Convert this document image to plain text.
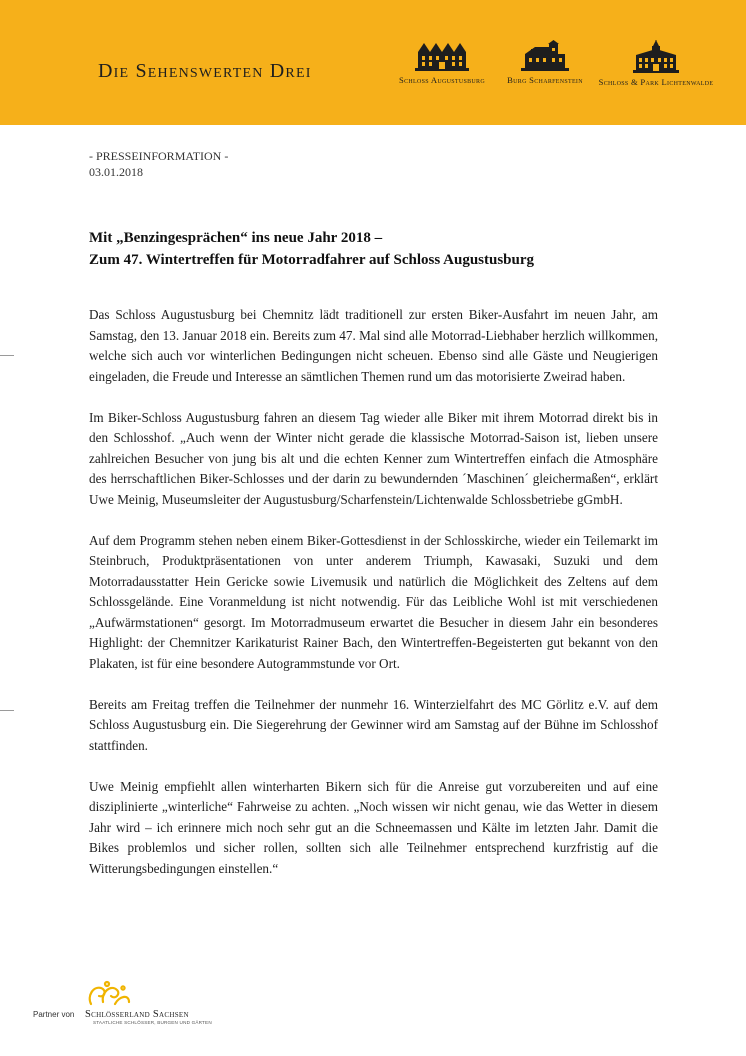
Die Sehenswerten Drei	Schloss Augustusburg	Burg Scharfenstein	Schloss & Park Lichtenwalde
- PRESSEINFORMATION -
03.01.2018
Mit „Benzingesprächen“ ins neue Jahr 2018 –
Zum 47. Wintertreffen für Motorradfahrer auf Schloss Augustusburg

Das Schloss Augustusburg bei Chemnitz lädt traditionell zur ersten Biker-Ausfahrt im neuen Jahr, am Samstag, den 13. Januar 2018 ein. Bereits zum 47. Mal sind alle Motorrad-Liebhaber herzlich willkommen, welche sich auch vor winterlichen Bedingungen nicht scheuen. Ebenso sind alle Gäste und Neugierigen eingeladen, die Freude und Interesse an sämtlichen Themen rund um das motorisierte Zweirad haben.

Im Biker-Schloss Augustusburg fahren an diesem Tag wieder alle Biker mit ihrem Motorrad direkt bis in den Schlosshof. „Auch wenn der Winter nicht gerade die klassische Motorrad-Saison ist, lieben unsere zahlreichen Besucher von jung bis alt und die echten Kenner zum Wintertreffen einfach die Atmosphäre des herrschaftlichen Biker-Schlosses und der darin zu bewundernden ´Maschinen´ gleichermaßen“, erklärt Uwe Meinig, Museumsleiter der Augustusburg/Scharfenstein/Lichtenwalde Schlossbetriebe gGmbH.

Auf dem Programm stehen neben einem Biker-Gottesdienst in der Schlosskirche, wieder ein Teilemarkt im Steinbruch, Produktpräsentationen von unter anderem Triumph, Kawasaki, Suzuki und dem Motorradausstatter Hein Gericke sowie Livemusik und natürlich die Möglichkeit des Zeltens auf dem Schlossgelände. Eine Voranmeldung ist nicht notwendig. Für das Leibliche Wohl ist mit verschiedenen „Aufwärmstationen“ gesorgt. Im Motorradmuseum erwartet die Besucher in diesem Jahr ein besonderes Highlight: der Chemnitzer Karikaturist Rainer Bach, den Wintertreffen-Begeisterten gut bekannt von den Plakaten, ist für eine besondere Autogrammstunde vor Ort.

Bereits am Freitag treffen die Teilnehmer der nunmehr 16. Winterzielfahrt des MC Görlitz e.V. auf dem Schloss Augustusburg ein. Die Siegerehrung der Gewinner wird am Samstag auf der Bühne im Schlosshof stattfinden.

Uwe Meinig empfiehlt allen winterharten Bikern sich für die Anreise gut vorzubereiten und auf eine disziplinierte „winterliche“ Fahrweise zu achten. „Noch wissen wir nicht genau, wie das Wetter in diesem Jahr wird – ich erinnere mich noch sehr gut an die Schneemassen und Kälte im letzten Jahr. Damit die Bikes problemlos und sicher rollen, sollten sich alle Teilnehmer entsprechend kurzfristig auf die Witterungsbedingungen einstellen.“

Partner von Schlösserland Sachsen
STAATLICHE SCHLÖSSER, BURGEN UND GÄRTEN
